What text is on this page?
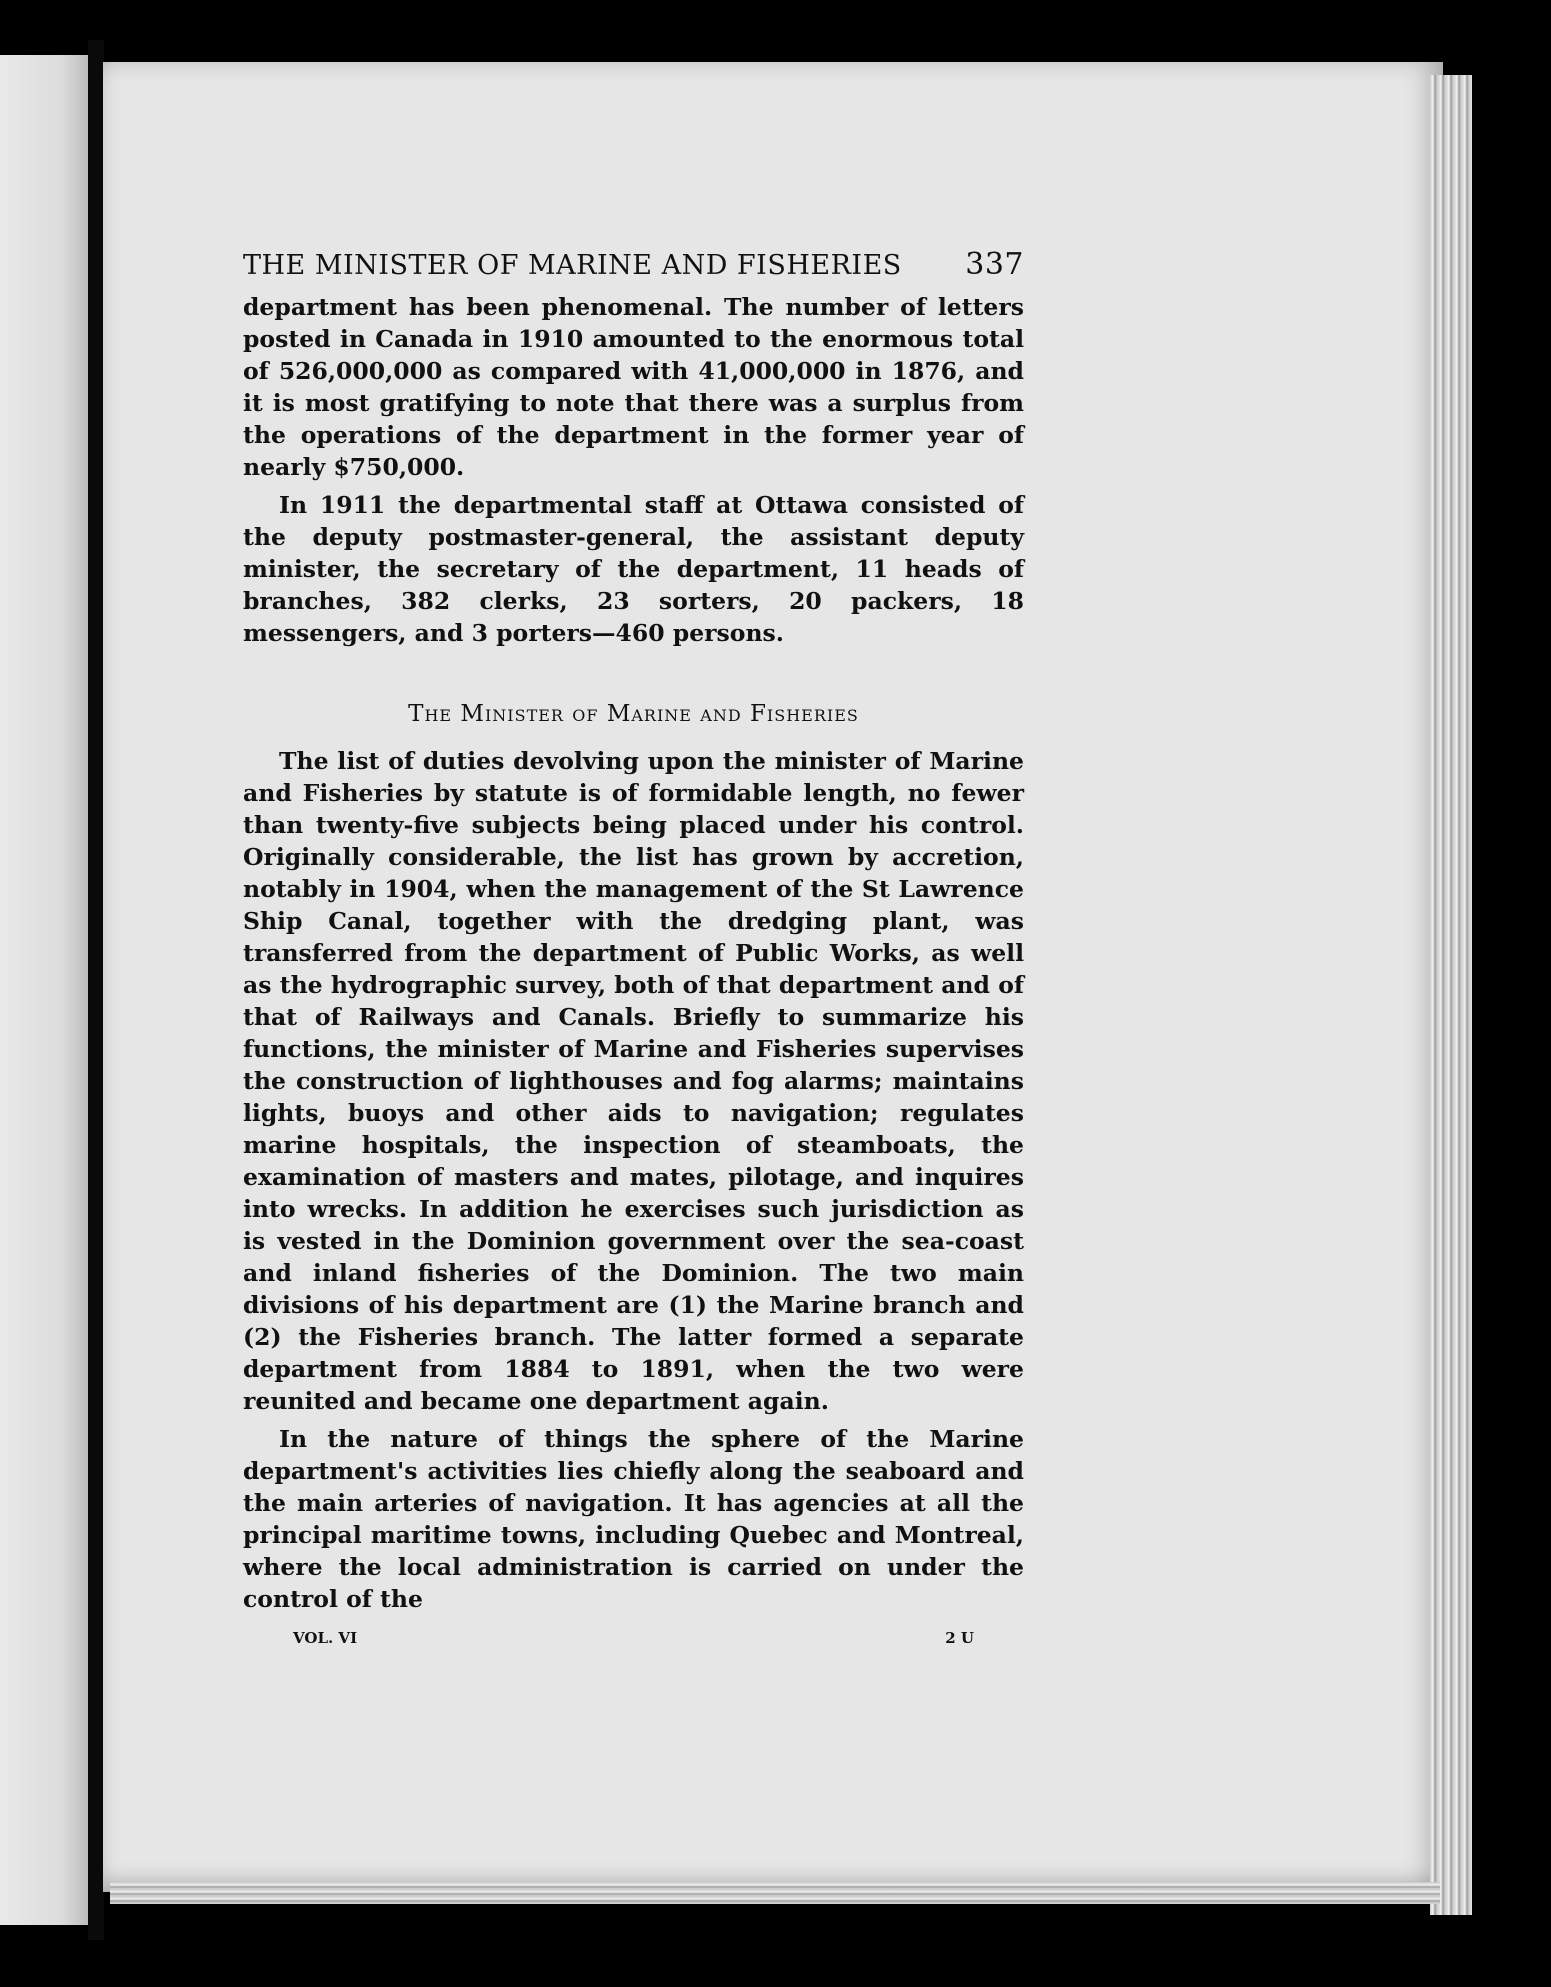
THE MINISTER OF MARINE AND FISHERIES 337

department has been phenomenal. The number of letters posted in Canada in 1910 amounted to the enormous total of 526,000,000 as compared with 41,000,000 in 1876, and it is most gratifying to note that there was a surplus from the operations of the department in the former year of nearly $750,000.

In 1911 the departmental staff at Ottawa consisted of the deputy postmaster-general, the assistant deputy minister, the secretary of the department, 11 heads of branches, 382 clerks, 23 sorters, 20 packers, 18 messengers, and 3 porters—460 persons.

The Minister of Marine and Fisheries

The list of duties devolving upon the minister of Marine and Fisheries by statute is of formidable length, no fewer than twenty-five subjects being placed under his control. Originally considerable, the list has grown by accretion, notably in 1904, when the management of the St Lawrence Ship Canal, together with the dredging plant, was transferred from the department of Public Works, as well as the hydrographic survey, both of that department and of that of Railways and Canals. Briefly to summarize his functions, the minister of Marine and Fisheries supervises the construction of lighthouses and fog alarms; maintains lights, buoys and other aids to navigation; regulates marine hospitals, the inspection of steamboats, the examination of masters and mates, pilotage, and inquires into wrecks. In addition he exercises such jurisdiction as is vested in the Dominion government over the sea-coast and inland fisheries of the Dominion. The two main divisions of his department are (1) the Marine branch and (2) the Fisheries branch. The latter formed a separate department from 1884 to 1891, when the two were reunited and became one department again.

In the nature of things the sphere of the Marine department's activities lies chiefly along the seaboard and the main arteries of navigation. It has agencies at all the principal maritime towns, including Quebec and Montreal, where the local administration is carried on under the control of the

VOL. VI	2 U
